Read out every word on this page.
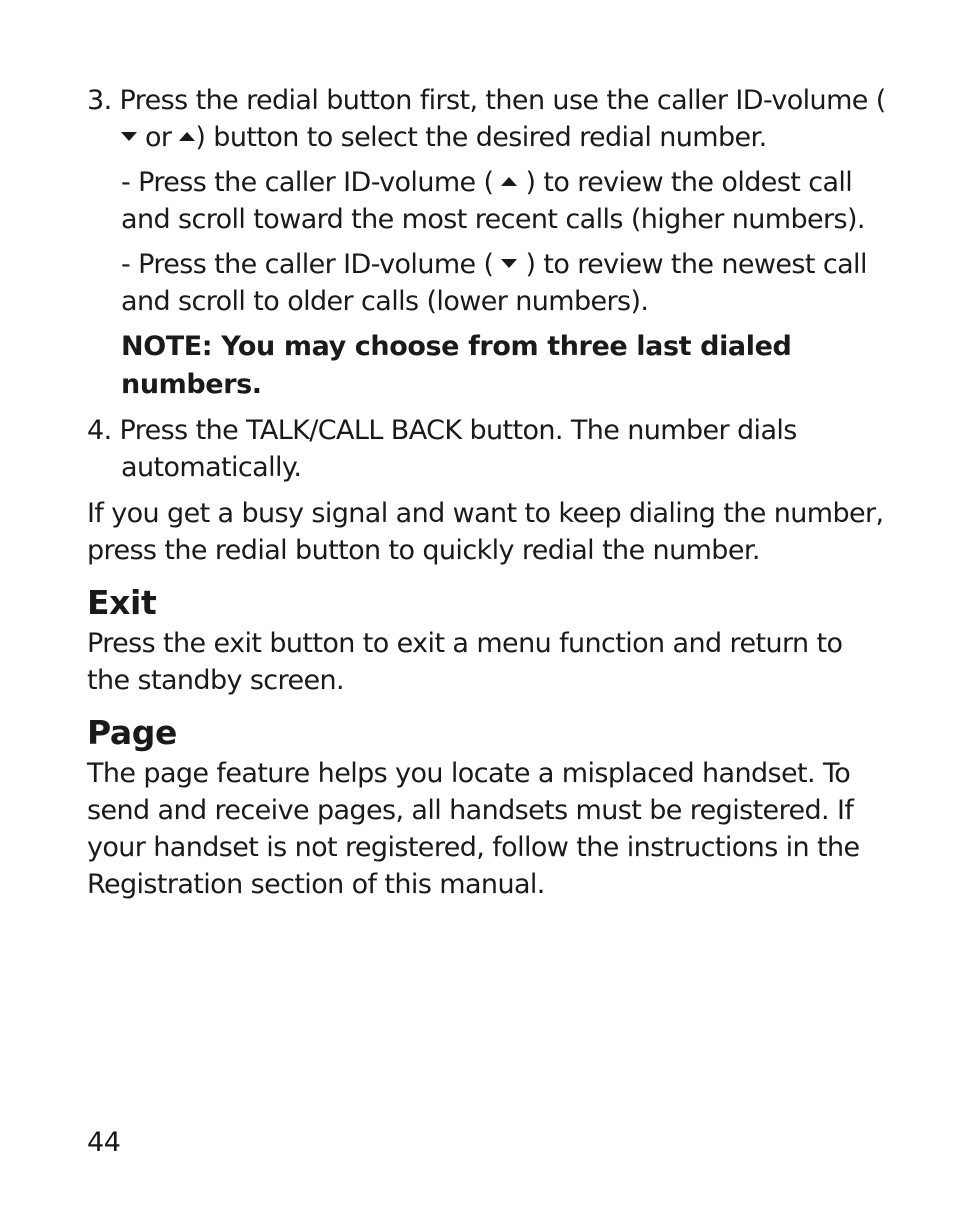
3. Press the redial button first, then use the caller ID-volume (
or ) button to select the desired redial number.
- Press the caller ID-volume ( ) to review the oldest call
and scroll toward the most recent calls (higher numbers).
- Press the caller ID-volume ( ) to review the newest call
and scroll to older calls (lower numbers).
NOTE: You may choose from three last dialed
numbers.
4. Press the TALK/CALL BACK button. The number dials
automatically.
If you get a busy signal and want to keep dialing the number,
press the redial button to quickly redial the number.
Exit
Press the exit button to exit a menu function and return to
the standby screen.
Page
The page feature helps you locate a misplaced handset. To
send and receive pages, all handsets must be registered. If
your handset is not registered, follow the instructions in the
Registration section of this manual.
44
